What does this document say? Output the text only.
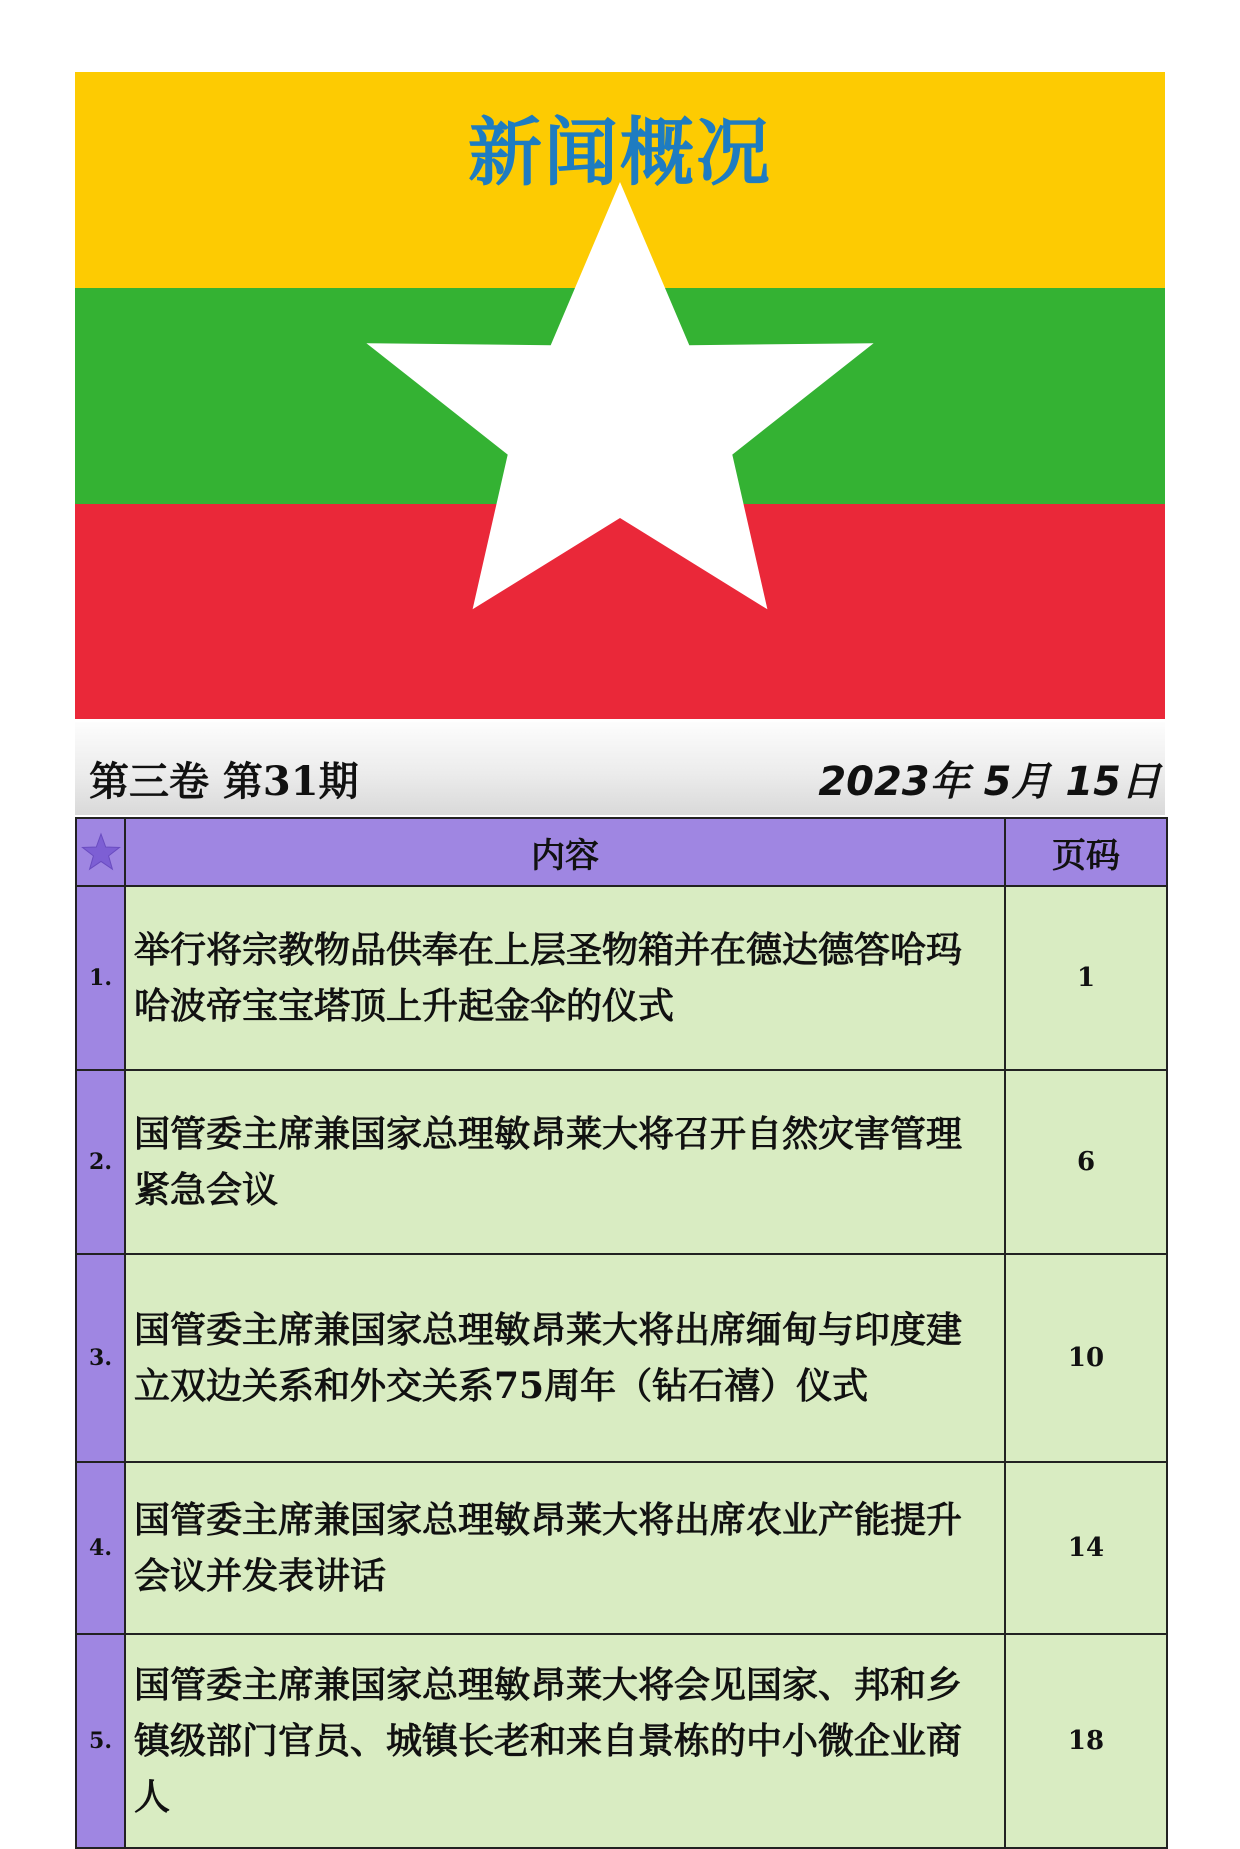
新闻概况
第三卷 第31期	2023年 5月 15日
	内容	页码
1.	举行将宗教物品供奉在上层圣物箱并在德达德答哈玛哈波帝宝宝塔顶上升起金伞的仪式	1
2.	国管委主席兼国家总理敏昂莱大将召开自然灾害管理紧急会议	6
3.	国管委主席兼国家总理敏昂莱大将出席缅甸与印度建立双边关系和外交关系75周年（钻石禧）仪式	10
4.	国管委主席兼国家总理敏昂莱大将出席农业产能提升会议并发表讲话	14
5.	国管委主席兼国家总理敏昂莱大将会见国家、邦和乡镇级部门官员、城镇长老和来自景栋的中小微企业商人	18
